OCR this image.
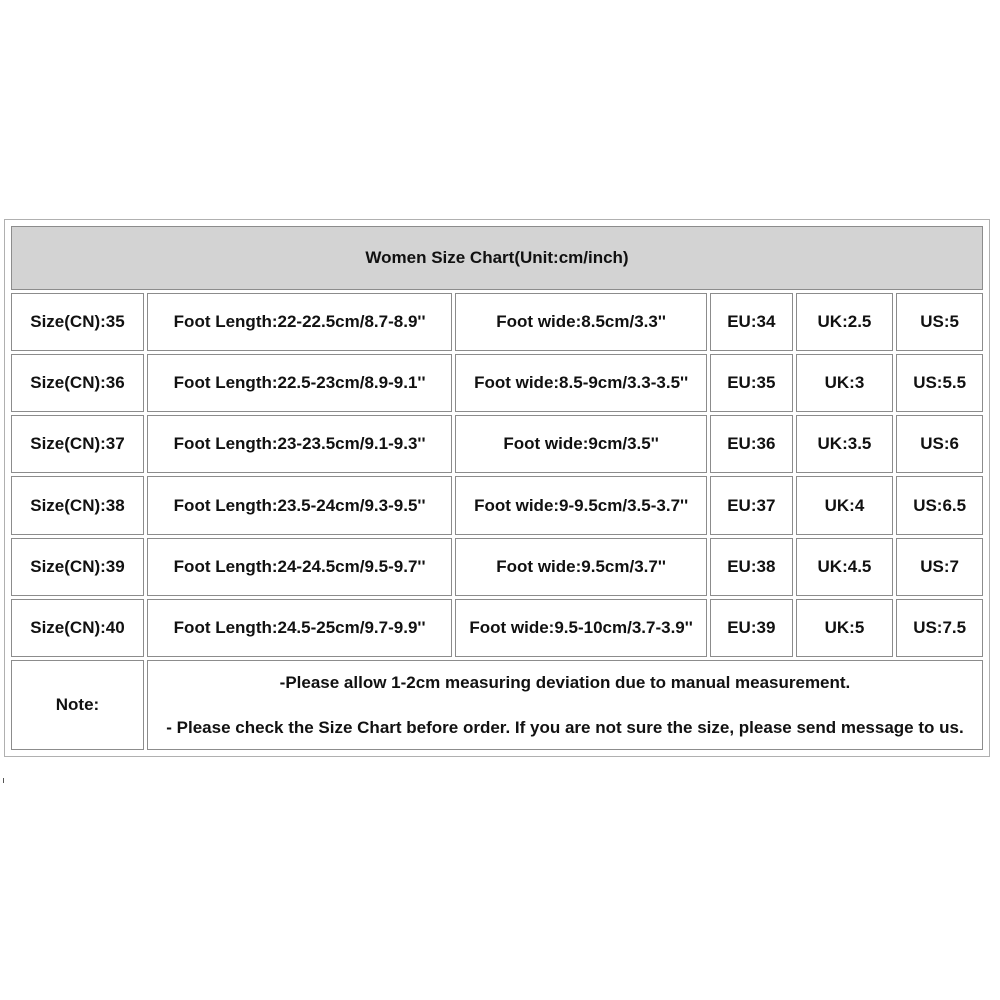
Women Size Chart(Unit:cm/inch)					
Size(CN):35	Foot Length:22-22.5cm/8.7-8.9''	Foot wide:8.5cm/3.3''	EU:34	UK:2.5	US:5
Size(CN):36	Foot Length:22.5-23cm/8.9-9.1''	Foot wide:8.5-9cm/3.3-3.5''	EU:35	UK:3	US:5.5
Size(CN):37	Foot Length:23-23.5cm/9.1-9.3''	Foot wide:9cm/3.5''	EU:36	UK:3.5	US:6
Size(CN):38	Foot Length:23.5-24cm/9.3-9.5''	Foot wide:9-9.5cm/3.5-3.7''	EU:37	UK:4	US:6.5
Size(CN):39	Foot Length:24-24.5cm/9.5-9.7''	Foot wide:9.5cm/3.7''	EU:38	UK:4.5	US:7
Size(CN):40	Foot Length:24.5-25cm/9.7-9.9''	Foot wide:9.5-10cm/3.7-3.9''	EU:39	UK:5	US:7.5
Note:	-Please allow 1-2cm measuring deviation due to manual measurement.
- Please check the Size Chart before order. If you are not sure the size, please send message to us.				
